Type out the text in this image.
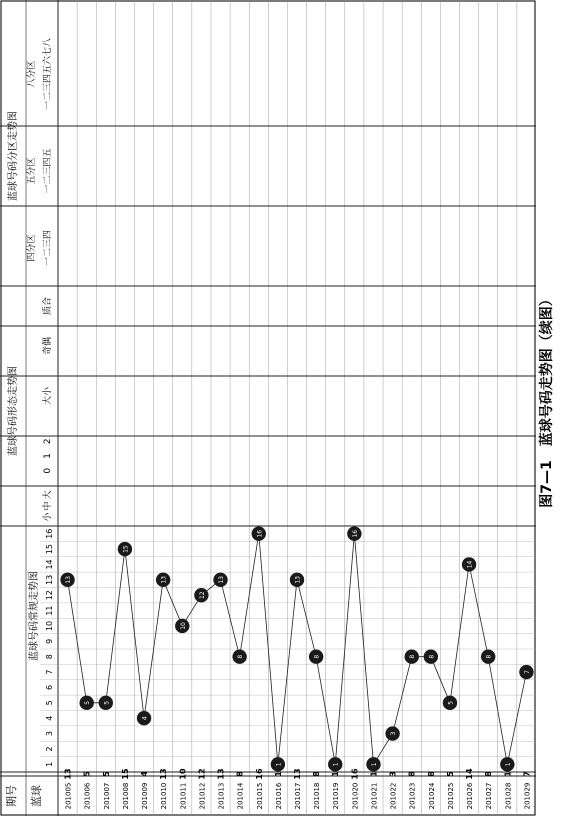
期号 蓝球
蓝球号码常规走势图
蓝球号码形态走势图
蓝球号码分区走势图
小中大
0　1　2
大小
奇偶
质合
四分区 一二三四
五分区 一二三四五
八分区 一二三四五六七八
1
2
3
4
5
6
7
8
9
10
11
12
13
14
15
16
201005
13
201006
5
201007
5
201008
15
201009
4
201010
13
201011
10
201012
12
201013
13
201014
8
201015
16
201016
1
201017
13
201018
8
201019
1
201020
16
201021
1
201022
3
201023
8
201024
8
201025
5
201026
14
201027
8
201028
1
201029
7
13
5 5
15
4
13
10
12
13
8
16
1
13
8
1
16
1
3
8 8
5
14
8
1
7
图7—1　蓝球号码走势图（续图）
